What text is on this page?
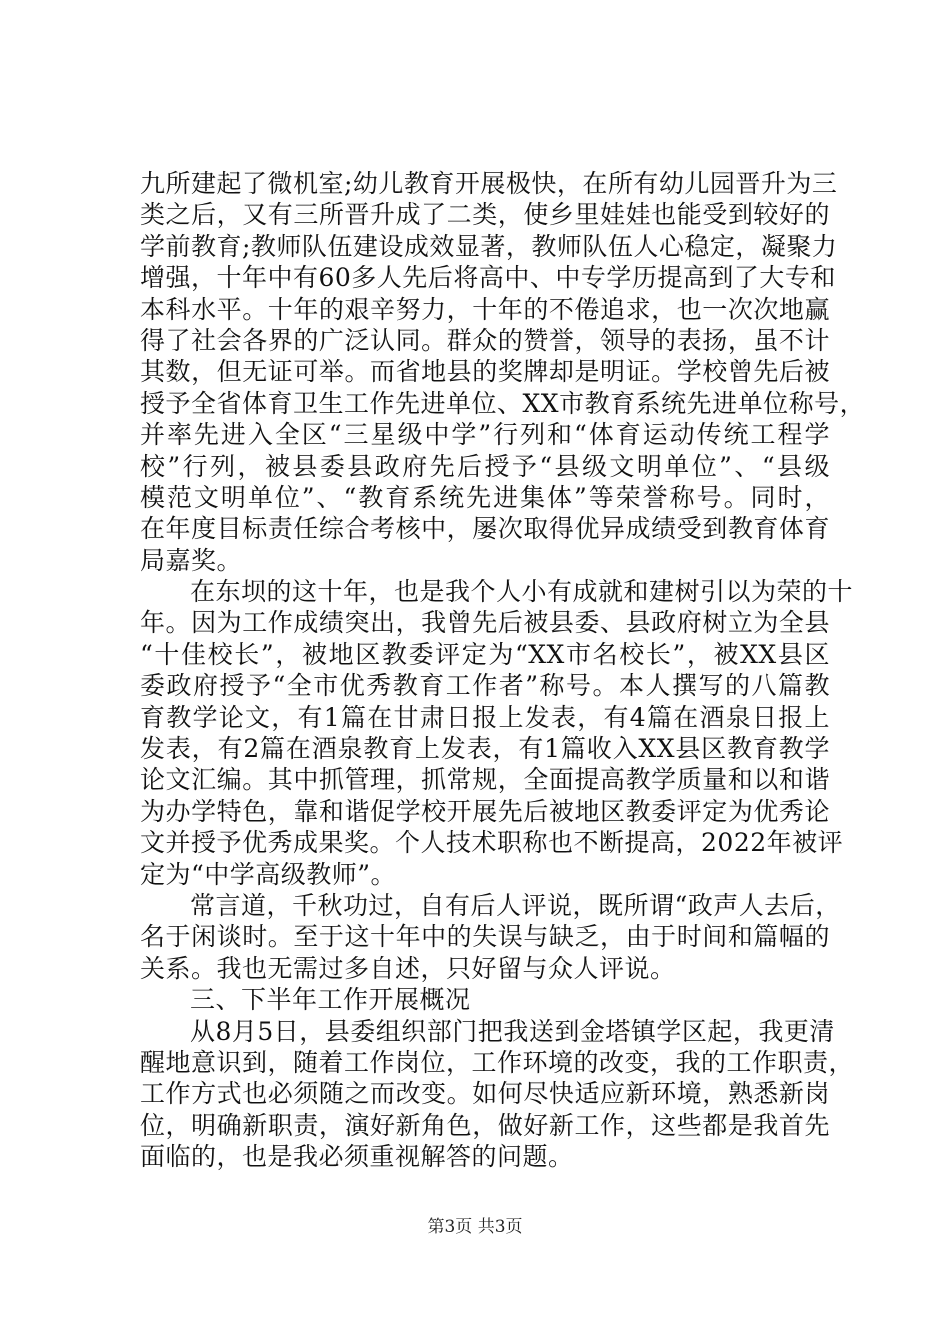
九所建起了微机室;幼儿教育开展极快，在所有幼儿园晋升为三
类之后，又有三所晋升成了二类，使乡里娃娃也能受到较好的
学前教育;教师队伍建设成效显著，教师队伍人心稳定，凝聚力
增强，十年中有60多人先后将高中、中专学历提高到了大专和
本科水平。十年的艰辛努力，十年的不倦追求，也一次次地赢
得了社会各界的广泛认同。群众的赞誉，领导的表扬，虽不计
其数，但无证可举。而省地县的奖牌却是明证。学校曾先后被
授予全省体育卫生工作先进单位、XX市教育系统先进单位称号，
并率先进入全区“三星级中学”行列和“体育运动传统工程学
校”行列，被县委县政府先后授予“县级文明单位”、“县级
模范文明单位”、“教育系统先进集体”等荣誉称号。同时，
在年度目标责任综合考核中，屡次取得优异成绩受到教育体育
局嘉奖。
在东坝的这十年，也是我个人小有成就和建树引以为荣的十
年。因为工作成绩突出，我曾先后被县委、县政府树立为全县
“十佳校长”，被地区教委评定为“XX市名校长”，被XX县区
委政府授予“全市优秀教育工作者”称号。本人撰写的八篇教
育教学论文，有1篇在甘肃日报上发表，有4篇在酒泉日报上
发表，有2篇在酒泉教育上发表，有1篇收入XX县区教育教学
论文汇编。其中抓管理，抓常规，全面提高教学质量和以和谐
为办学特色，靠和谐促学校开展先后被地区教委评定为优秀论
文并授予优秀成果奖。个人技术职称也不断提高，2022年被评
定为“中学高级教师”。
常言道，千秋功过，自有后人评说，既所谓“政声人去后，
名于闲谈时。至于这十年中的失误与缺乏，由于时间和篇幅的
关系。我也无需过多自述，只好留与众人评说。
三、下半年工作开展概况
从8月5日，县委组织部门把我送到金塔镇学区起，我更清
醒地意识到，随着工作岗位，工作环境的改变，我的工作职责，
工作方式也必须随之而改变。如何尽快适应新环境，熟悉新岗
位，明确新职责，演好新角色，做好新工作，这些都是我首先
面临的，也是我必须重视解答的问题。
第3页 共3页
